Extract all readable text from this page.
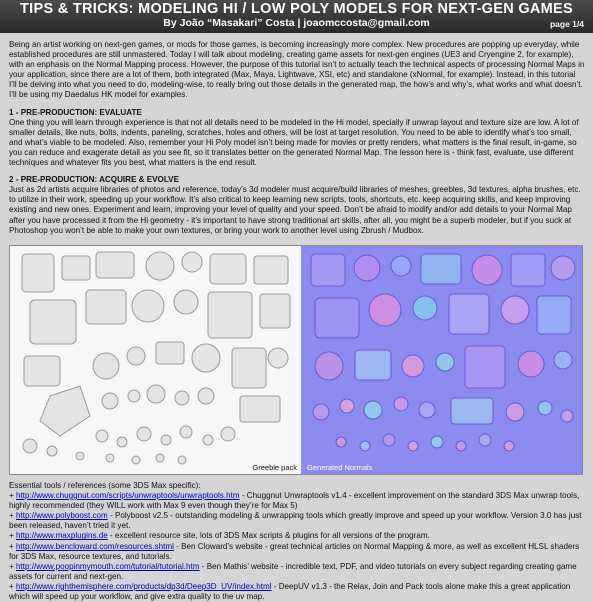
TIPS & TRICKS: MODELING HI / LOW POLY MODELS FOR NEXT-GEN GAMES
By João “Masakari” Costa | joaomccosta@gmail.com	page 1/4

Being an artist working on next-gen games, or mods for those games, is becoming increasingly more complex. New procedures are popping up everyday, while established procedures are still unmastered. Today I will talk about modeling, creating game assets for next-gen engines (UE3 and Cryengine 2, for example), with an enphasis on the Normal Mapping process. However, the purpose of this tutorial isn’t to actually teach the technical aspects of processing Normal Maps in your application, since there are a lot of them, both integrated (Max, Maya, Lightwave, XSI, etc) and standalone (xNormal, for example). Instead, in this tutorial I’ll be delving into what you need to do, modeling-wise, to really bring out those details in the generated map, the how’s and why’s, what works and what doesn’t. I’ll be using my Daedalus HK model for examples.

1 - PRE-PRODUCTION: EVALUATE

One thing you will learn through experience is that not all details need to be modeled in the Hi model, specially if unwrap layout and texture size are low. A lot of smaller details, like nuts, bolts, indents, paneling, scratches, holes and others, will be lost at target resolution. You need to be able to identify what’s too small, and what’s viable to be modeled. Also, remember your Hi Poly model isn’t being made for movies or pretty renders, what matters is the final result, in-game, so you can reduce and exagerate detail as you see fit, so it translates better on the generated Normal Map. The lesson here is - think fast, evaluate, use different techniques and whatever fits you best, what matters is the end result.

2 - PRE-PRODUCTION: ACQUIRE & EVOLVE

Just as 2d artists acquire libraries of photos and reference, today’s 3d modeler must acquire/build libraries of meshes, greebles, 3d textures, alpha brushes, etc. to utilize in their work, speeding up your workflow. It’s also critical to keep learning new scripts, tools, shortcuts, etc. keep acquiring skills, and keep improving existing and new ones. Experiment and learn, improving your level of quality and your speed. Don’t be afraid to modify and/or add details to your Normal Map after you have processed it from the Hi geometry - it’s important to have strong traditional art skills, after all, you might be a superb modeler, but if you suck at Photoshop you won’t be able to make your own textures, or bring your work to another level using Zbrush / Mudbox.

Greeble pack Generated Normals

Essential tools / references (some 3DS Max specific):

+ http://www.chuggnut.com/scripts/unwraptools/unwraptools.htm - Chuggnut Unwraptools v1.4 - excellent improvement on the standard 3DS Max unwrap tools, highly recommended (they WILL work with Max 9 even though they’re for Max 5)

+ http://www.polyboost.com - Polyboost v2.5 - outstanding modeling & unwrapping tools which greatly improve and speed up your workflow. Version 3.0 has just been released, haven’t tried it yet.

+ http://www.maxplugins.de - excellent resource site, lots of 3DS Max scripts & plugins for all versions of the program.

+ http://www.bencloward.com/resources.shtml - Ben Cloward’s website - great technical articles on Normal Mapping & more, as well as excellent HLSL shaders for 3DS Max, resource textures, and tutorials.

+ http://www.poopinmymouth.com/tutorial/tutorial.htm - Ben Mathis’ website - incredible text, PDF, and video tutorials on every subject regarding creating game assets for current and next-gen.

+ http://www.righthemisphere.com/products/dp3d/Deep3D_UV/index.html - DeepUV v1.3 - the Relax, Join and Pack tools alone make this a great application which will speed up your workflow, and give extra quality to the uv map.
